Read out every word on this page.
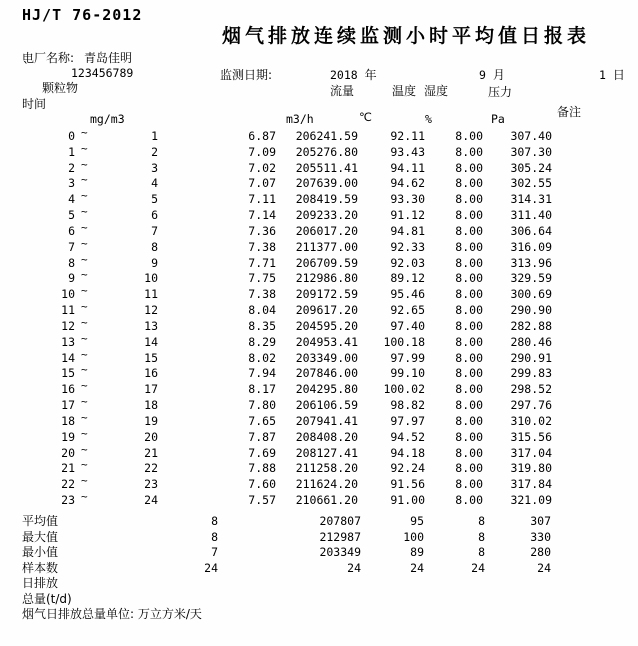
HJ/T 76-2012
烟气排放连续监测小时平均值日报表
电厂名称: 青岛佳明
`	123456789	监测日期:	2018 年	9 月	1 日
颗粒物	流量	温度 湿度	压力
时间
备注
mg/m3	m3/h	℃	%	Pa
0 ~	1	6.87	206241.59	92.11	8.00	307.40
1 ~	2	7.09	205276.80	93.43	8.00	307.30
2 ~	3	7.02	205511.41	94.11	8.00	305.24
3 ~	4	7.07	207639.00	94.62	8.00	302.55
4 ~	5	7.11	208419.59	93.30	8.00	314.31
5 ~	6	7.14	209233.20	91.12	8.00	311.40
6 ~	7	7.36	206017.20	94.81	8.00	306.64
7 ~	8	7.38	211377.00	92.33	8.00	316.09
8 ~	9	7.71	206709.59	92.03	8.00	313.96
9 ~	10	7.75	212986.80	89.12	8.00	329.59
10 ~	11	7.38	209172.59	95.46	8.00	300.69
11 ~	12	8.04	209617.20	92.65	8.00	290.90
12 ~	13	8.35	204595.20	97.40	8.00	282.88
13 ~	14	8.29	204953.41	100.18	8.00	280.46
14 ~	15	8.02	203349.00	97.99	8.00	290.91
15 ~	16	7.94	207846.00	99.10	8.00	299.83
16 ~	17	8.17	204295.80	100.02	8.00	298.52
17 ~	18	7.80	206106.59	98.82	8.00	297.76
18 ~	19	7.65	207941.41	97.97	8.00	310.02
19 ~	20	7.87	208408.20	94.52	8.00	315.56
20 ~	21	7.69	208127.41	94.18	8.00	317.04
21 ~	22	7.88	211258.20	92.24	8.00	319.80
22 ~	23	7.60	211624.20	91.56	8.00	317.84
23 ~	24	7.57	210661.20	91.00	8.00	321.09
平均值	8	207807	95	8	307
最大值	8	212987	100	8	330
最小值	7	203349	89	8	280
样本数	24	24	24	24	24
日排放
总量(t/d)
烟气日排放总量单位: 万立方米/天
